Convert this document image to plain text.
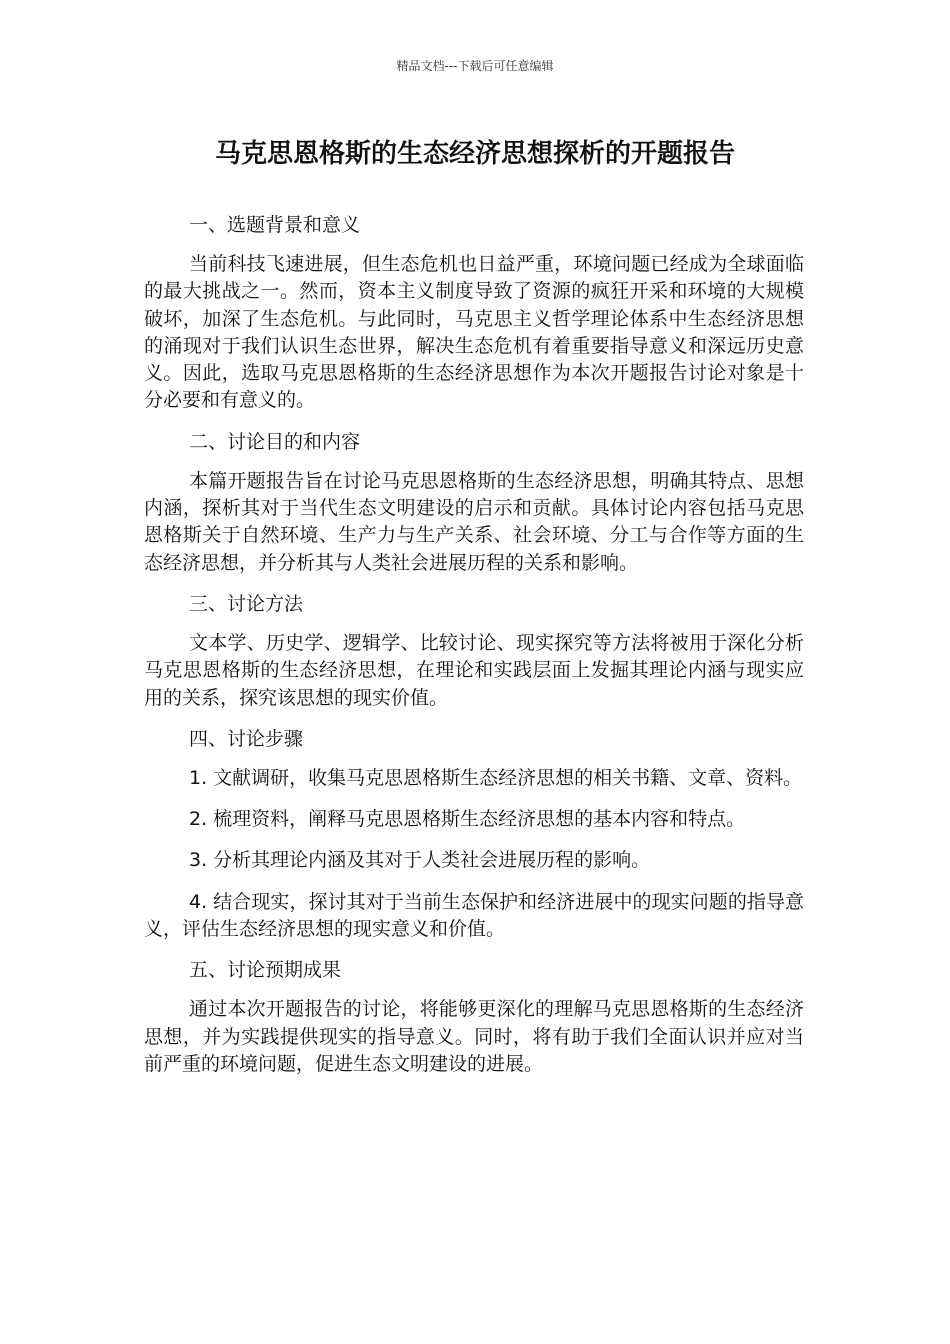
精品文档---下载后可任意编辑
马克思恩格斯的生态经济思想探析的开题报告

一、选题背景和意义

当前科技飞速进展，但生态危机也日益严重，环境问题已经成为全球面临的最大挑战之一。然而，资本主义制度导致了资源的疯狂开采和环境的大规模破坏，加深了生态危机。与此同时，马克思主义哲学理论体系中生态经济思想的涌现对于我们认识生态世界，解决生态危机有着重要指导意义和深远历史意义。因此，选取马克思恩格斯的生态经济思想作为本次开题报告讨论对象是十分必要和有意义的。

二、讨论目的和内容

本篇开题报告旨在讨论马克思恩格斯的生态经济思想，明确其特点、思想内涵，探析其对于当代生态文明建设的启示和贡献。具体讨论内容包括马克思恩格斯关于自然环境、生产力与生产关系、社会环境、分工与合作等方面的生态经济思想，并分析其与人类社会进展历程的关系和影响。

三、讨论方法

文本学、历史学、逻辑学、比较讨论、现实探究等方法将被用于深化分析马克思恩格斯的生态经济思想，在理论和实践层面上发掘其理论内涵与现实应用的关系，探究该思想的现实价值。

四、讨论步骤

1. 文献调研，收集马克思恩格斯生态经济思想的相关书籍、文章、资料。

2. 梳理资料，阐释马克思恩格斯生态经济思想的基本内容和特点。

3. 分析其理论内涵及其对于人类社会进展历程的影响。

4. 结合现实，探讨其对于当前生态保护和经济进展中的现实问题的指导意义，评估生态经济思想的现实意义和价值。

五、讨论预期成果

通过本次开题报告的讨论，将能够更深化的理解马克思恩格斯的生态经济思想，并为实践提供现实的指导意义。同时，将有助于我们全面认识并应对当前严重的环境问题，促进生态文明建设的进展。
